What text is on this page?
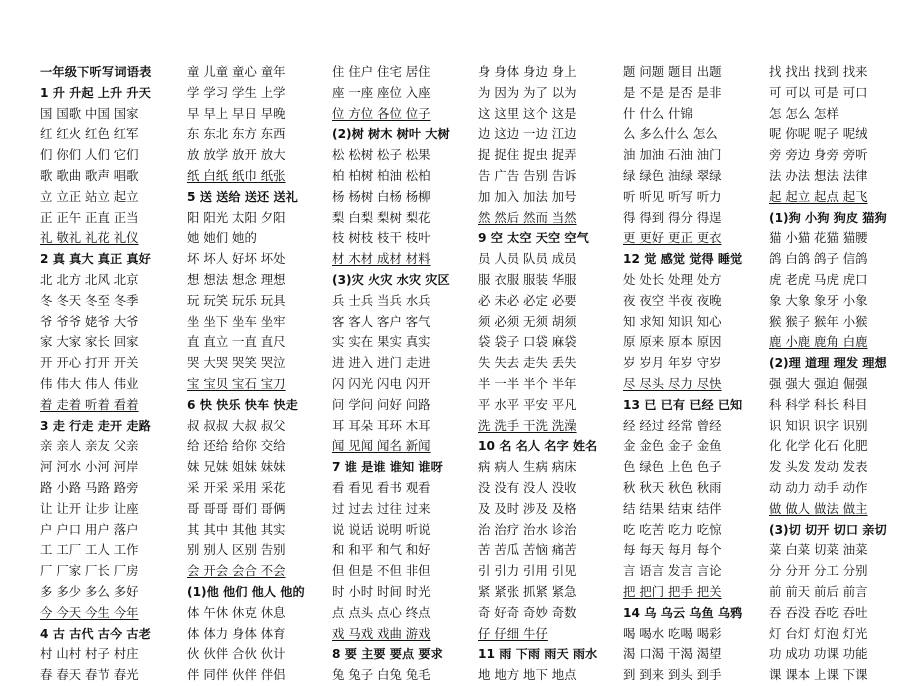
一年级下听写词语表
1 升 升起 上升 升天
国 国歌 中国 国家
红 红火 红色 红军
们 你们 人们 它们
歌 歌曲 歌声 唱歌
立 立正 站立 起立
正 正午 正直 正当
礼 敬礼 礼花 礼仪
2 真 真大 真正 真好
北 北方 北风 北京
冬 冬天 冬至 冬季
爷 爷爷 姥爷 大爷
家 大家 家长 回家
开 开心 打开 开关
伟 伟大 伟人 伟业
着 走着 听着 看着
3 走 行走 走开 走路
亲 亲人 亲友 父亲
河 河水 小河 河岸
路 小路 马路 路旁
让 让开 让步 让座
户 户口 用户 落户
工 工厂 工人 工作
厂 厂家 厂长 厂房
多 多少 多么 多好
今 今天 今生 今年
4 古 古代 古今 古老
村 山村 村子 村庄
春 春天 春节 春光
童 儿童 童心 童年
学 学习 学生 上学
早 早上 早日 早晚
东 东北 东方 东西
放 放学 放开 放大
纸 白纸 纸巾 纸张
5 送 送给 送还 送礼
阳 阳光 太阳 夕阳
她 她们 她的
坏 坏人 好坏 坏处
想 想法 想念 理想
玩 玩笑 玩乐 玩具
坐 坐下 坐车 坐牢
直 直立 一直 直尺
哭 大哭 哭笑 哭泣
宝 宝贝 宝石 宝刀
6 快 快乐 快车 快走
叔 叔叔 大叔 叔父
给 还给 给你 交给
妹 兄妹 姐妹 妹妹
采 开采 采用 采花
哥 哥哥 哥们 哥俩
其 其中 其他 其实
别 别人 区别 告别
会 开会 会合 不会
(1)他 他们 他人 他的
体 午休 休克 休息
体 体力 身体 体育
伙 伙伴 合伙 伙计
伴 同伴 伙伴 伴侣
住 住户 住宅 居住
座 一座 座位 入座
位 方位 各位 位子
(2)树 树木 树叶 大树
松 松树 松子 松果
柏 柏树 柏油 松柏
杨 杨树 白杨 杨柳
梨 白梨 梨树 梨花
枝 树枝 枝干 枝叶
材 木材 成材 材料
(3)灾 火灾 水灾 灾区
兵 士兵 当兵 水兵
客 客人 客户 客气
实 实在 果实 真实
进 进入 进门 走进
闪 闪光 闪电 闪开
问 学问 问好 问路
耳 耳朵 耳环 木耳
闻 见闻 闻名 新闻
7 谁 是谁 谁知 谁呀
看 看见 看书 观看
过 过去 过往 过来
说 说话 说明 听说
和 和平 和气 和好
但 但是 不但 非但
时 小时 时间 时光
点 点头 点心 终点
戏 马戏 戏曲 游戏
8 要 主要 要点 要求
兔 兔子 白兔 兔毛
身 身体 身边 身上
为 因为 为了 以为
这 这里 这个 这是
边 这边 一边 江边
捉 捉住 捉虫 捉弄
告 广告 告别 告诉
加 加入 加法 加号
然 然后 然而 当然
9 空 太空 天空 空气
员 人员 队员 成员
服 衣服 服装 华服
必 未必 必定 必要
须 必须 无须 胡须
袋 袋子 口袋 麻袋
失 失去 走失 丢失
半 一半 半个 半年
平 水平 平安 平凡
洗 洗手 干洗 洗澡
10 名 名人 名字 姓名
病 病人 生病 病床
没 没有 没人 没收
及 及时 涉及 及格
治 治疗 治水 诊治
苦 苦瓜 苦恼 痛苦
引 引力 引用 引见
紧 紧张 抓紧 紧急
奇 好奇 奇妙 奇数
仔 仔细 牛仔
11 雨 下雨 雨天 雨水
地 地方 地下 地点
题 问题 题目 出题
是 不是 是否 是非
什 什么 什锦
么 多么什么 怎么
油 加油 石油 油门
绿 绿色 油绿 翠绿
听 听见 听写 听力
得 得到 得分 得逞
更 更好 更正 更衣
12 觉 感觉 觉得 睡觉
处 处长 处理 处方
夜 夜空 半夜 夜晚
知 求知 知识 知心
原 原来 原本 原因
岁 岁月 年岁 守岁
尽 尽头 尽力 尽快
13 已 已有 已经 已知
经 经过 经常 曾经
金 金色 金子 金鱼
色 绿色 上色 色子
秋 秋天 秋色 秋雨
结 结果 结束 结伴
吃 吃苦 吃力 吃惊
每 每天 每月 每个
言 语言 发言 言论
把 把门 把手 把关
14 乌 乌云 乌鱼 乌鸦
喝 喝水 吃喝 喝彩
渴 口渴 干渴 渴望
到 到来 到头 到手
找 找出 找到 找来
可 可以 可是 可口
怎 怎么 怎样
呢 你呢 呢子 呢绒
旁 旁边 身旁 旁听
法 办法 想法 法律
起 起立 起点 起飞
(1)狗 小狗 狗皮 猫狗
猫 小猫 花猫 猫腰
鸽 白鸽 鸽子 信鸽
虎 老虎 马虎 虎口
象 大象 象牙 小象
猴 猴子 猴年 小猴
鹿 小鹿 鹿角 白鹿
(2)理 道理 理发 理想
强 强大 强迫 倔强
科 科学 科长 科目
识 知识 识字 识别
化 化学 化石 化肥
发 头发 发动 发表
动 动力 动手 动作
做 做人 做法 做主
(3)切 切开 切口 亲切
菜 白菜 切菜 油菜
分 分开 分工 分别
前 前天 前后 前言
吞 吞没 吞吃 吞吐
灯 台灯 灯泡 灯光
功 成功 功课 功能
课 课本 上课 下课
